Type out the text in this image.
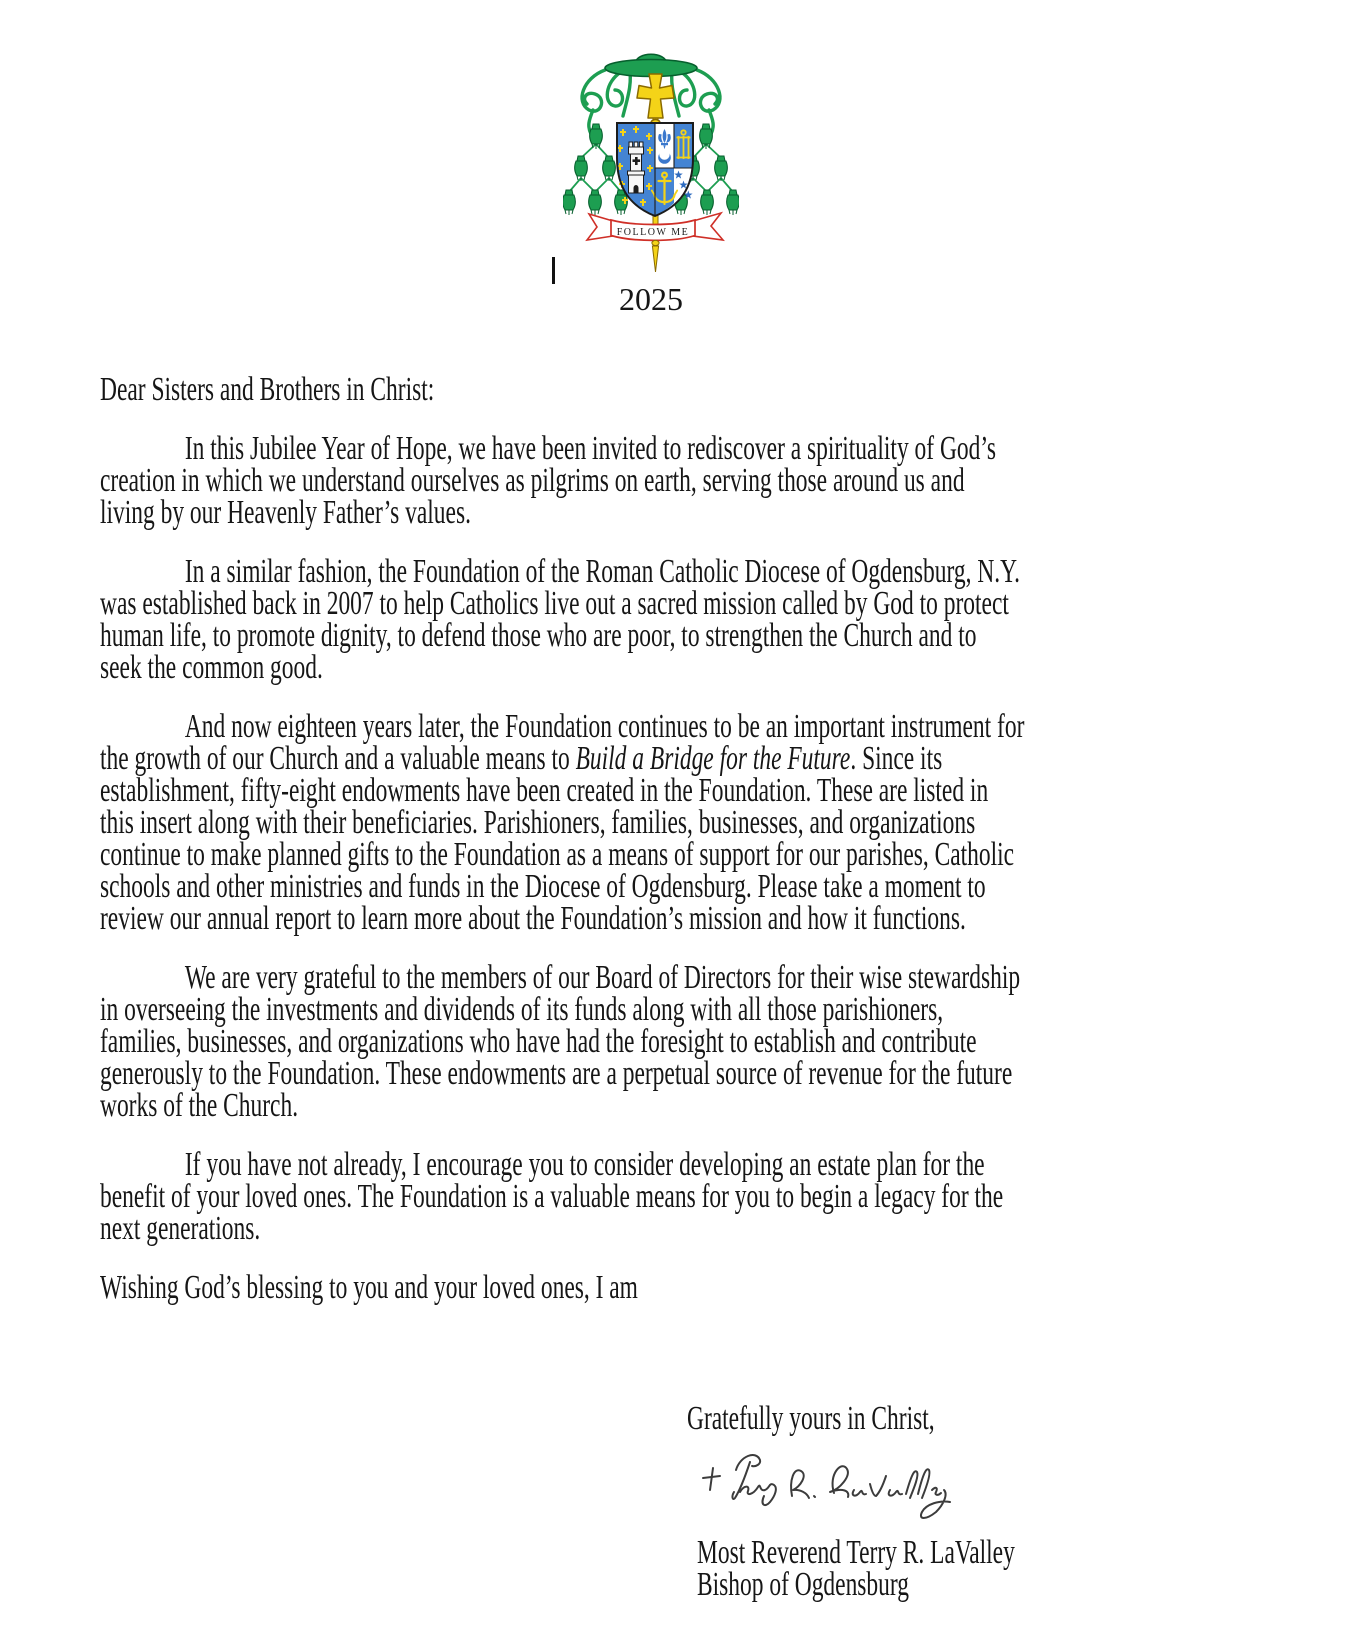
FOLLOW ME
2025
Dear Sisters and Brothers in Christ:
In this Jubilee Year of Hope, we have been invited to rediscover a spirituality of God’s
creation in which we understand ourselves as pilgrims on earth, serving those around us and
living by our Heavenly Father’s values.
In a similar fashion, the Foundation of the Roman Catholic Diocese of Ogdensburg, N.Y.
was established back in 2007 to help Catholics live out a sacred mission called by God to protect
human life, to promote dignity, to defend those who are poor, to strengthen the Church and to
seek the common good.
And now eighteen years later, the Foundation continues to be an important instrument for
the growth of our Church and a valuable means to Build a Bridge for the Future. Since its
establishment, fifty-eight endowments have been created in the Foundation. These are listed in
this insert along with their beneficiaries. Parishioners, families, businesses, and organizations
continue to make planned gifts to the Foundation as a means of support for our parishes, Catholic
schools and other ministries and funds in the Diocese of Ogdensburg. Please take a moment to
review our annual report to learn more about the Foundation’s mission and how it functions.
We are very grateful to the members of our Board of Directors for their wise stewardship
in overseeing the investments and dividends of its funds along with all those parishioners,
families, businesses, and organizations who have had the foresight to establish and contribute
generously to the Foundation. These endowments are a perpetual source of revenue for the future
works of the Church.
If you have not already, I encourage you to consider developing an estate plan for the
benefit of your loved ones. The Foundation is a valuable means for you to begin a legacy for the
next generations.
Wishing God’s blessing to you and your loved ones, I am
Gratefully yours in Christ,
Most Reverend Terry R. LaValley
Bishop of Ogdensburg
